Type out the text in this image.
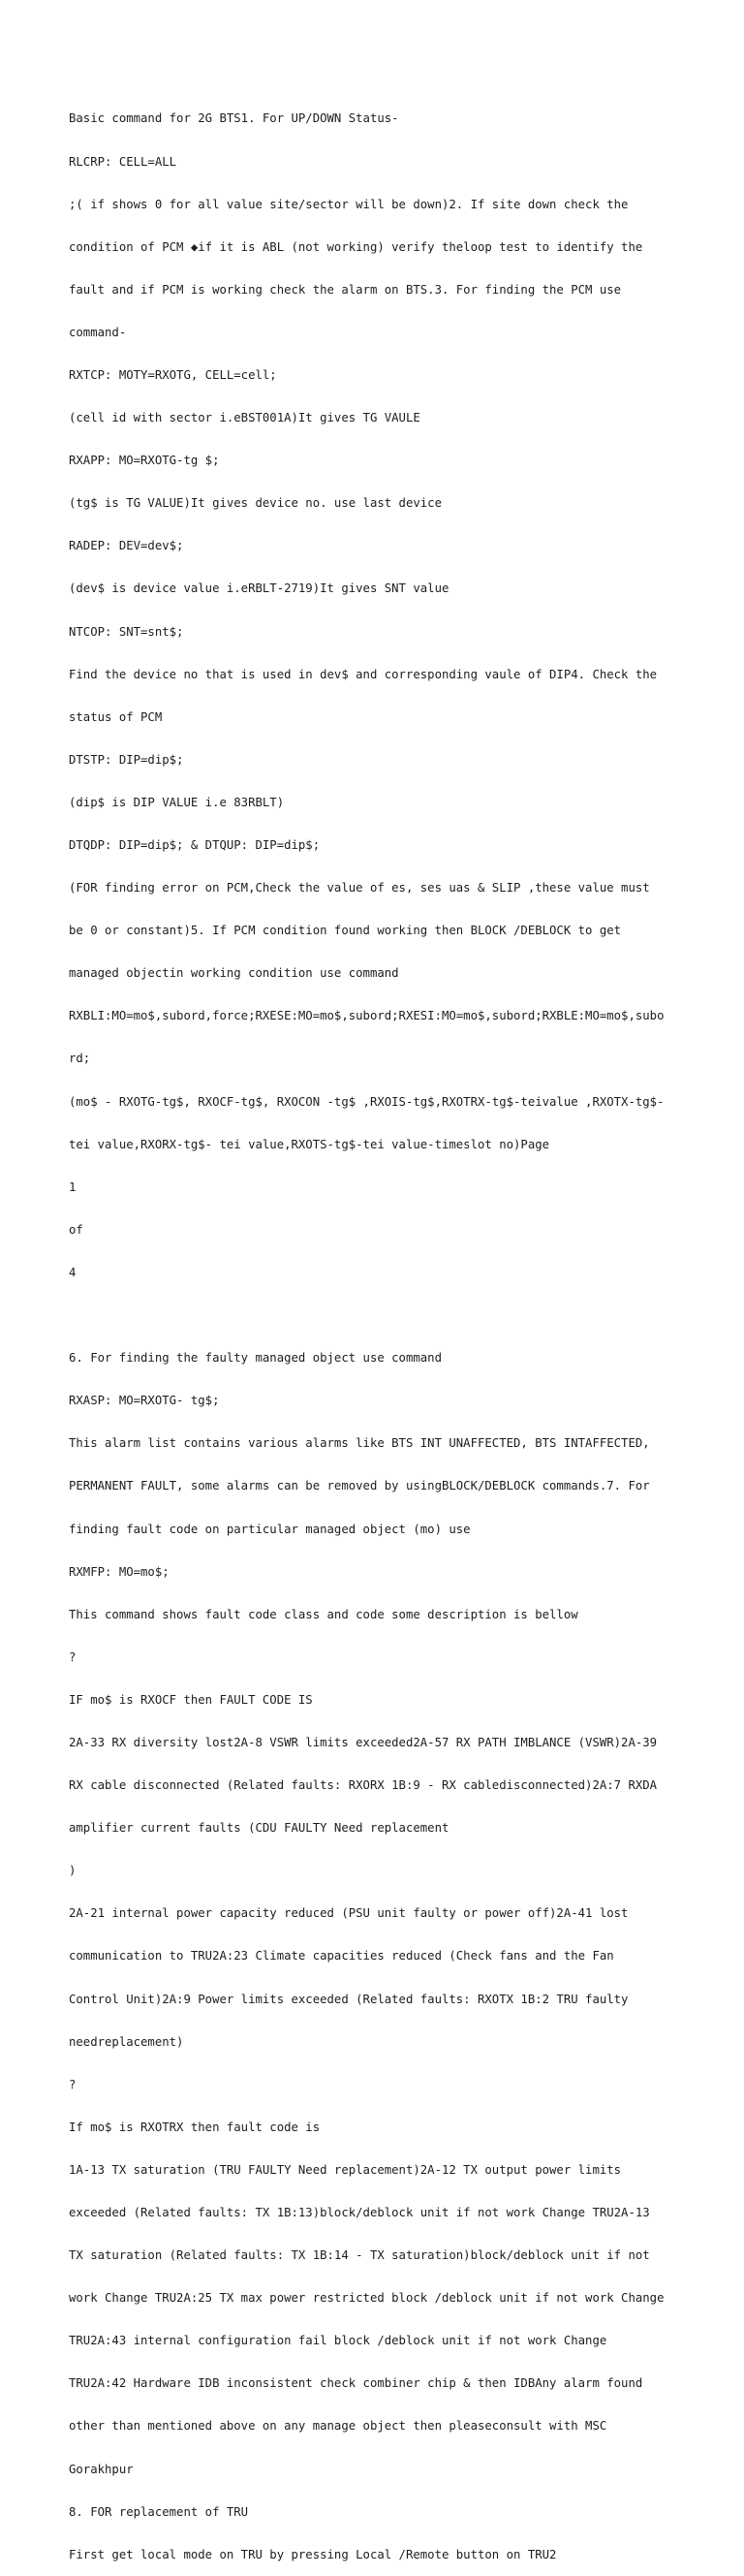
Basic command for 2G BTS1. For UP/DOWN Status-

RLCRP: CELL=ALL

;( if shows 0 for all value site/sector will be down)2. If site down check the

condition of PCM ◆if it is ABL (not working) verify theloop test to identify the

fault and if PCM is working check the alarm on BTS.3. For finding the PCM use

command-

RXTCP: MOTY=RXOTG, CELL=cell;

(cell id with sector i.eBST001A)It gives TG VAULE

RXAPP: MO=RXOTG-tg $;

(tg$ is TG VALUE)It gives device no. use last device

RADEP: DEV=dev$;

(dev$ is device value i.eRBLT-2719)It gives SNT value

NTCOP: SNT=snt$;

Find the device no that is used in dev$ and corresponding vaule of DIP4. Check the

status of PCM

DTSTP: DIP=dip$;

(dip$ is DIP VALUE i.e 83RBLT)

DTQDP: DIP=dip$; & DTQUP: DIP=dip$;

(FOR finding error on PCM,Check the value of es, ses uas & SLIP ,these value must

be 0 or constant)5. If PCM condition found working then BLOCK /DEBLOCK to get

managed objectin working condition use command

RXBLI:MO=mo$,subord,force;RXESE:MO=mo$,subord;RXESI:MO=mo$,subord;RXBLE:MO=mo$,subo

rd;

(mo$ - RXOTG-tg$, RXOCF-tg$, RXOCON -tg$ ,RXOIS-tg$,RXOTRX-tg$-teivalue ,RXOTX-tg$-

tei value,RXORX-tg$- tei value,RXOTS-tg$-tei value-timeslot no)Page

1

of

4

6. For finding the faulty managed object use command

RXASP: MO=RXOTG- tg$;

This alarm list contains various alarms like BTS INT UNAFFECTED, BTS INTAFFECTED,

PERMANENT FAULT, some alarms can be removed by usingBLOCK/DEBLOCK commands.7. For

finding fault code on particular managed object (mo) use

RXMFP: MO=mo$;

This command shows fault code class and code some description is bellow

?

IF mo$ is RXOCF then FAULT CODE IS

2A-33 RX diversity lost2A-8 VSWR limits exceeded2A-57 RX PATH IMBLANCE (VSWR)2A-39

RX cable disconnected (Related faults: RXORX 1B:9 - RX cabledisconnected)2A:7 RXDA

amplifier current faults (CDU FAULTY Need replacement

)

2A-21 internal power capacity reduced (PSU unit faulty or power off)2A-41 lost

communication to TRU2A:23 Climate capacities reduced (Check fans and the Fan

Control Unit)2A:9 Power limits exceeded (Related faults: RXOTX 1B:2 TRU faulty

needreplacement)

?

If mo$ is RXOTRX then fault code is

1A-13 TX saturation (TRU FAULTY Need replacement)2A-12 TX output power limits

exceeded (Related faults: TX 1B:13)block/deblock unit if not work Change TRU2A-13

TX saturation (Related faults: TX 1B:14 - TX saturation)block/deblock unit if not

work Change TRU2A:25 TX max power restricted block /deblock unit if not work Change

TRU2A:43 internal configuration fail block /deblock unit if not work Change

TRU2A:42 Hardware IDB inconsistent check combiner chip & then IDBAny alarm found

other than mentioned above on any manage object then pleaseconsult with MSC

Gorakhpur

8. FOR replacement of TRU

First get local mode on TRU by pressing Local /Remote button on TRU2
